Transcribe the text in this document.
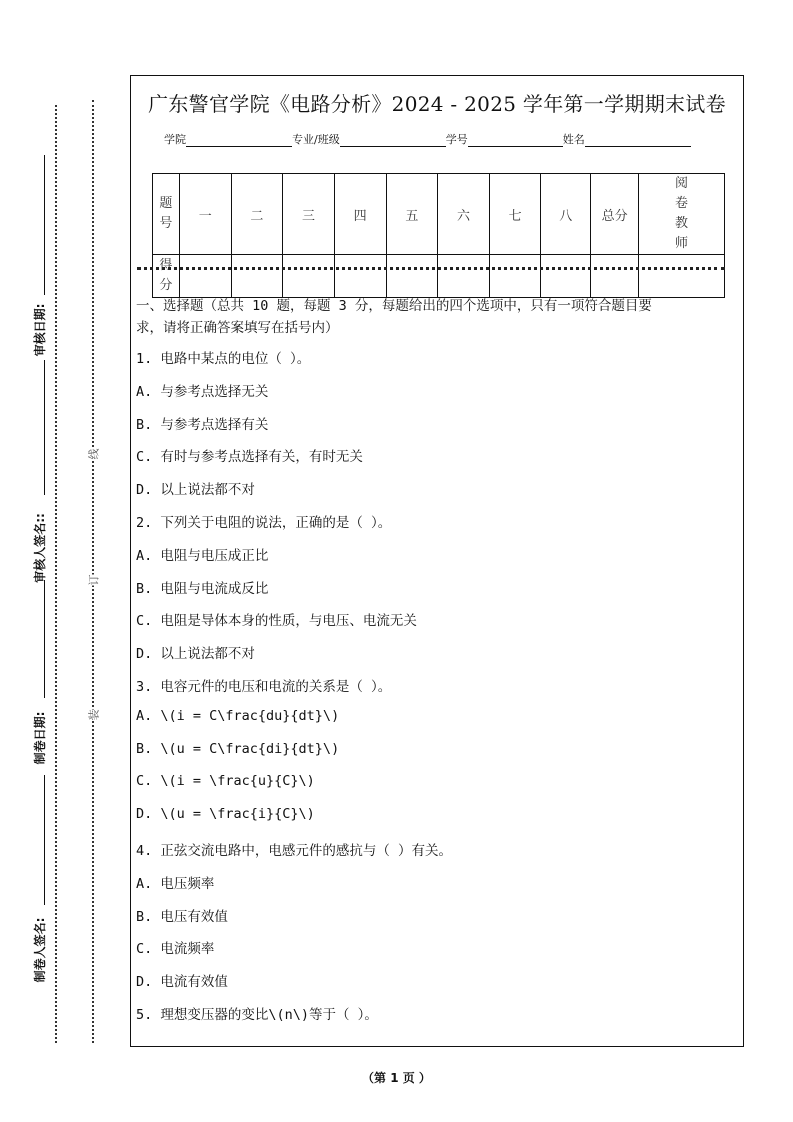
线
订
装
审核日期:
审核人签名::
制卷日期:
制卷人签名:
广东警官学院《电路分析》2024 - 2025 学年第一学期期末试卷
学院	专业/班级	学号	姓名
题号	一	二	三	四	五	六	七	八	总分	阅卷教师
得分										
一、选择题（总共 10 题，每题 3 分，每题给出的四个选项中，只有一项符合题目要
求，请将正确答案填写在括号内）
1. 电路中某点的电位（ ）。
A. 与参考点选择无关
B. 与参考点选择有关
C. 有时与参考点选择有关，有时无关
D. 以上说法都不对
2. 下列关于电阻的说法，正确的是（ ）。
A. 电阻与电压成正比
B. 电阻与电流成反比
C. 电阻是导体本身的性质，与电压、电流无关
D. 以上说法都不对
3. 电容元件的电压和电流的关系是（ ）。
A. \(i = C\frac{du}{dt}\)
B. \(u = C\frac{di}{dt}\)
C. \(i = \frac{u}{C}\)
D. \(u = \frac{i}{C}\)
4. 正弦交流电路中，电感元件的感抗与（ ）有关。
A. 电压频率
B. 电压有效值
C. 电流频率
D. 电流有效值
5. 理想变压器的变比\(n\)等于（ ）。
（第 1 页 ）
